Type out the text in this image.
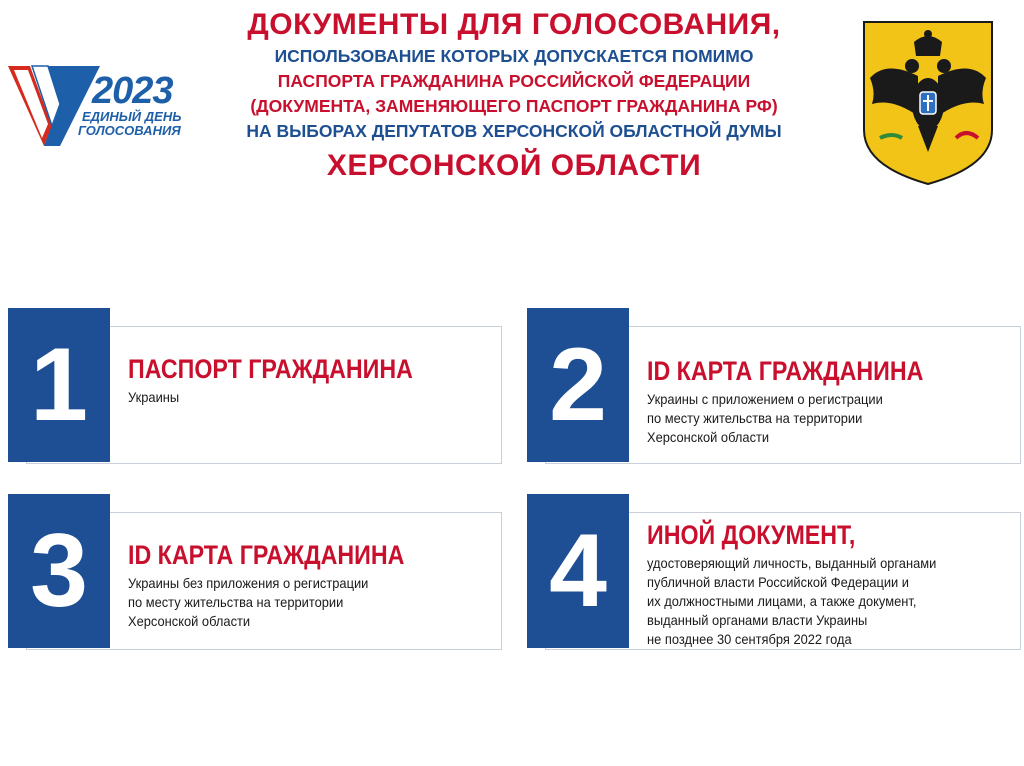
2023
ЕДИНЫЙ ДЕНЬ
ГОЛОСОВАНИЯ
ДОКУМЕНТЫ ДЛЯ ГОЛОСОВАНИЯ,
ИСПОЛЬЗОВАНИЕ КОТОРЫХ ДОПУСКАЕТСЯ ПОМИМО
ПАСПОРТА ГРАЖДАНИНА РОССИЙСКОЙ ФЕДЕРАЦИИ
(ДОКУМЕНТА, ЗАМЕНЯЮЩЕГО ПАСПОРТ ГРАЖДАНИНА РФ)
НА ВЫБОРАХ ДЕПУТАТОВ ХЕРСОНСКОЙ ОБЛАСТНОЙ ДУМЫ
ХЕРСОНСКОЙ ОБЛАСТИ
1	ПАСПОРТ ГРАЖДАНИНА
Украины	2	ID КАРТА ГРАЖДАНИНА
Украины с приложением о регистрации
по месту жительства на территории
Херсонской области
3	ID КАРТА ГРАЖДАНИНА
Украины без приложения о регистрации
по месту жительства на территории
Херсонской области	4	ИНОЙ ДОКУМЕНТ,
удостоверяющий личность, выданный органами
публичной власти Российской Федерации и
их должностными лицами, а также документ,
выданный органами власти Украины
не позднее 30 сентября 2022 года
